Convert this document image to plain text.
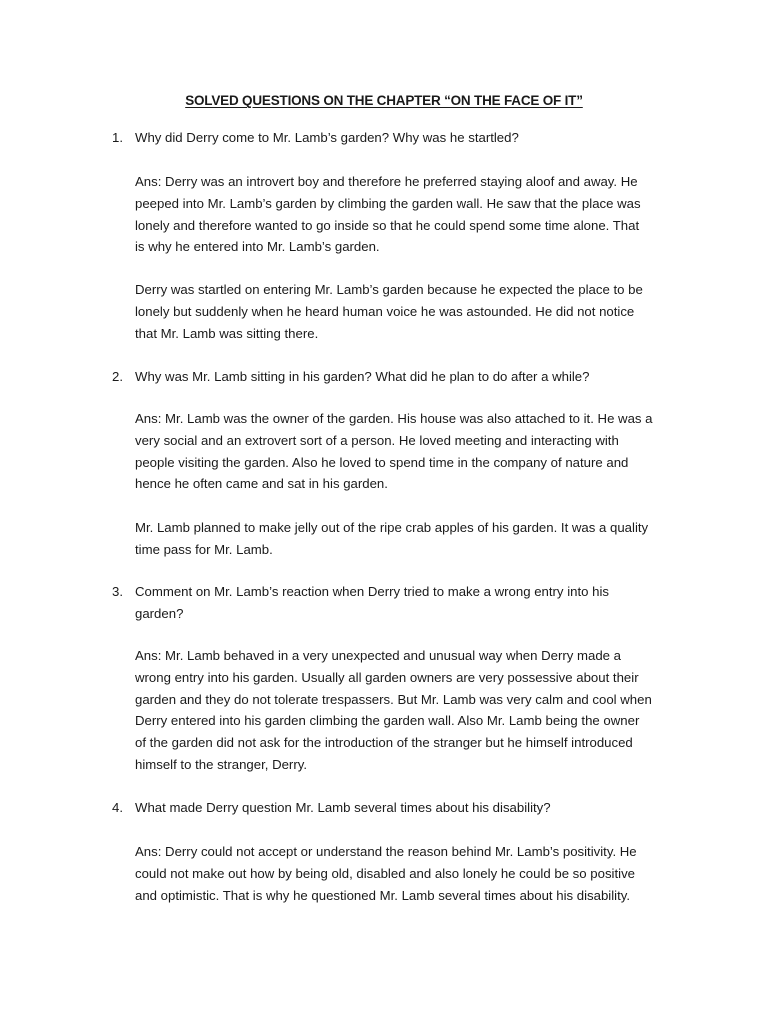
SOLVED QUESTIONS ON THE CHAPTER “ON THE FACE OF IT”
1. Why did Derry come to Mr. Lamb’s garden? Why was he startled?
Ans: Derry was an introvert boy and therefore he preferred staying aloof and away. He
peeped into Mr. Lamb’s garden by climbing the garden wall. He saw that the place was
lonely and therefore wanted to go inside so that he could spend some time alone. That
is why he entered into Mr. Lamb’s garden.
Derry was startled on entering Mr. Lamb’s garden because he expected the place to be
lonely but suddenly when he heard human voice he was astounded. He did not notice
that Mr. Lamb was sitting there.
2. Why was Mr. Lamb sitting in his garden? What did he plan to do after a while?
Ans: Mr. Lamb was the owner of the garden. His house was also attached to it. He was a
very social and an extrovert sort of a person. He loved meeting and interacting with
people visiting the garden. Also he loved to spend time in the company of nature and
hence he often came and sat in his garden.
Mr. Lamb planned to make jelly out of the ripe crab apples of his garden. It was a quality
time pass for Mr. Lamb.
3. Comment on Mr. Lamb’s reaction when Derry tried to make a wrong entry into his
garden?
Ans: Mr. Lamb behaved in a very unexpected and unusual way when Derry made a
wrong entry into his garden. Usually all garden owners are very possessive about their
garden and they do not tolerate trespassers. But Mr. Lamb was very calm and cool when
Derry entered into his garden climbing the garden wall. Also Mr. Lamb being the owner
of the garden did not ask for the introduction of the stranger but he himself introduced
himself to the stranger, Derry.
4. What made Derry question Mr. Lamb several times about his disability?
Ans: Derry could not accept or understand the reason behind Mr. Lamb’s positivity. He
could not make out how by being old, disabled and also lonely he could be so positive
and optimistic. That is why he questioned Mr. Lamb several times about his disability.
